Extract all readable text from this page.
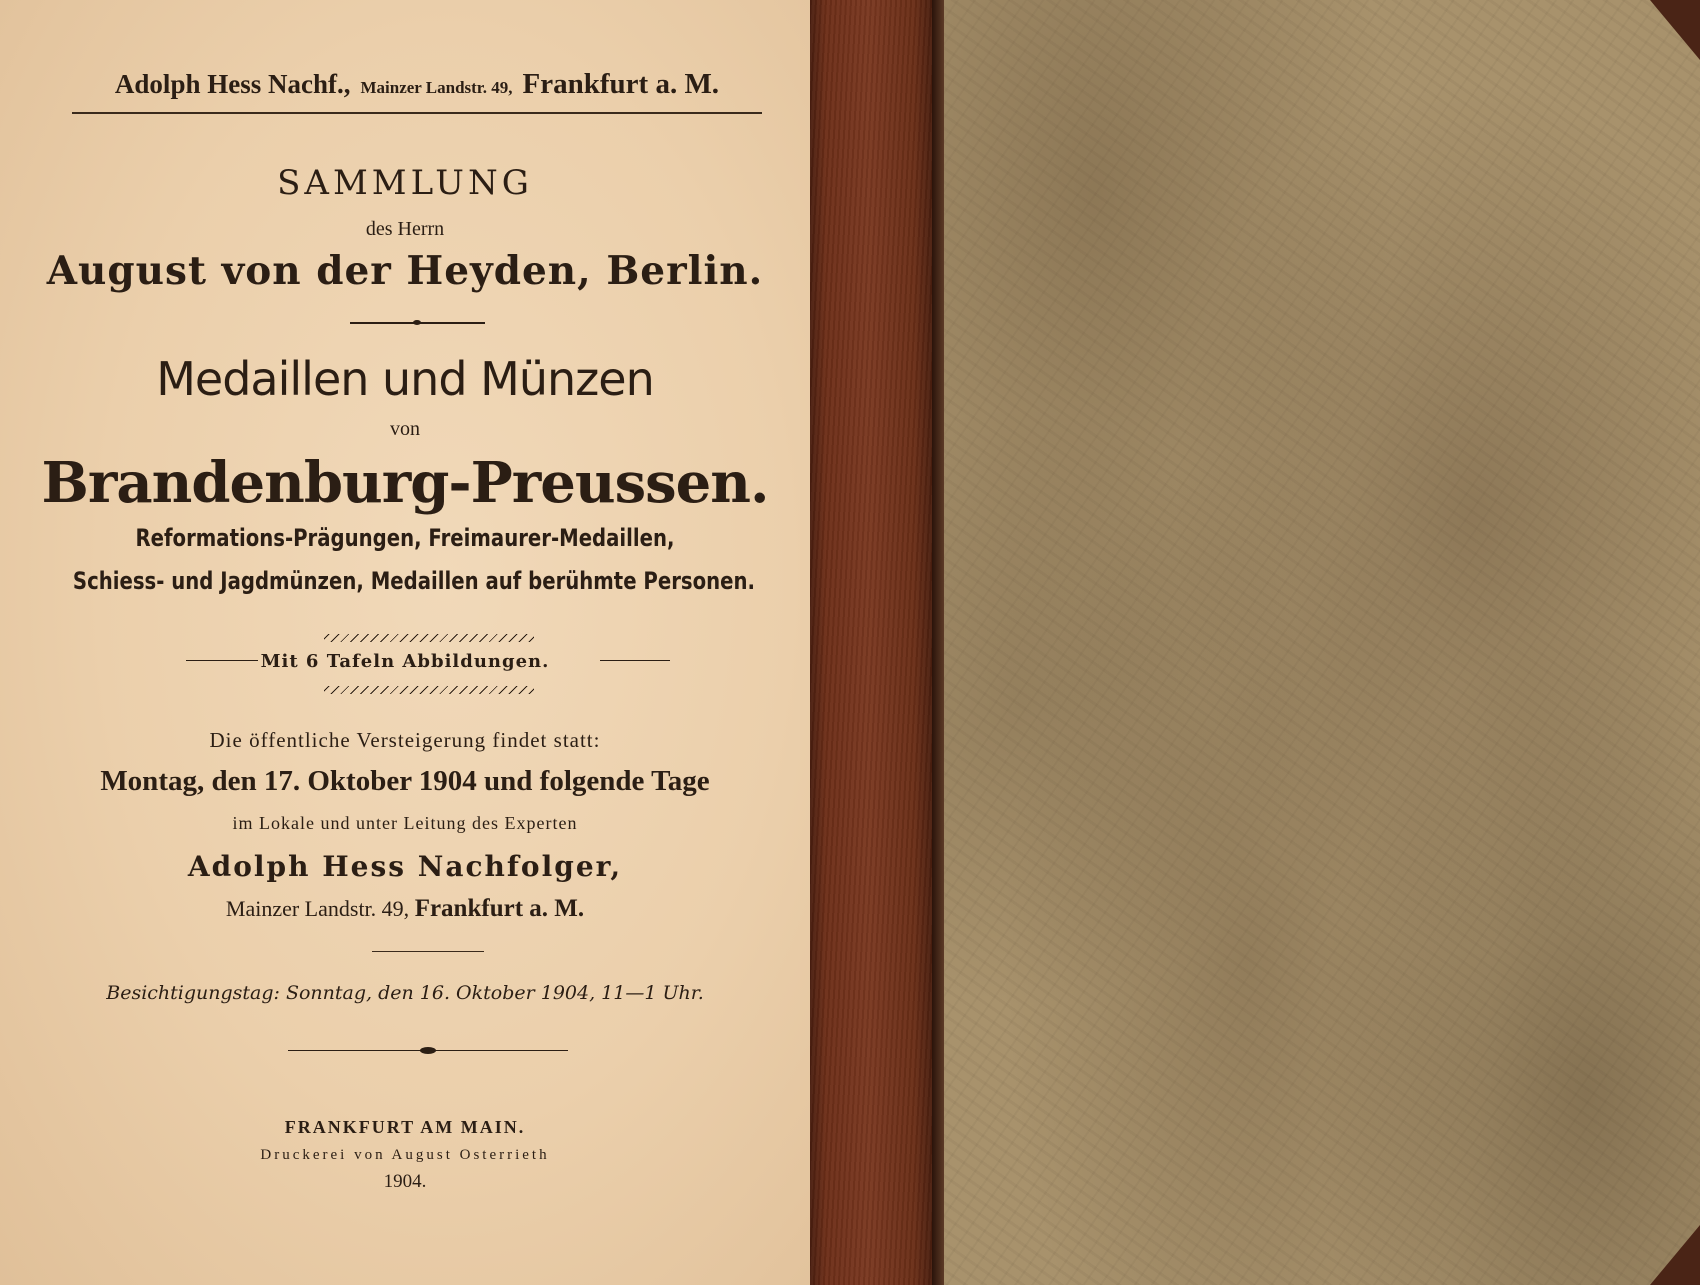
Adolph Hess Nachf., Mainzer Landstr. 49, Frankfurt a. M.
SAMMLUNG
des Herrn
August von der Heyden, Berlin.
Medaillen und Münzen
von
Brandenburg-Preussen.
Reformations-Prägungen, Freimaurer-Medaillen,
Schiess- und Jagdmünzen, Medaillen auf berühmte Personen.
Mit 6 Tafeln Abbildungen.
Die öffentliche Versteigerung findet statt:
Montag, den 17. Oktober 1904 und folgende Tage
im Lokale und unter Leitung des Experten
Adolph Hess Nachfolger,
Mainzer Landstr. 49, Frankfurt a. M.
Besichtigungstag: Sonntag, den 16. Oktober 1904, 11—1 Uhr.
FRANKFURT AM MAIN.
Druckerei von August Osterrieth
1904.
